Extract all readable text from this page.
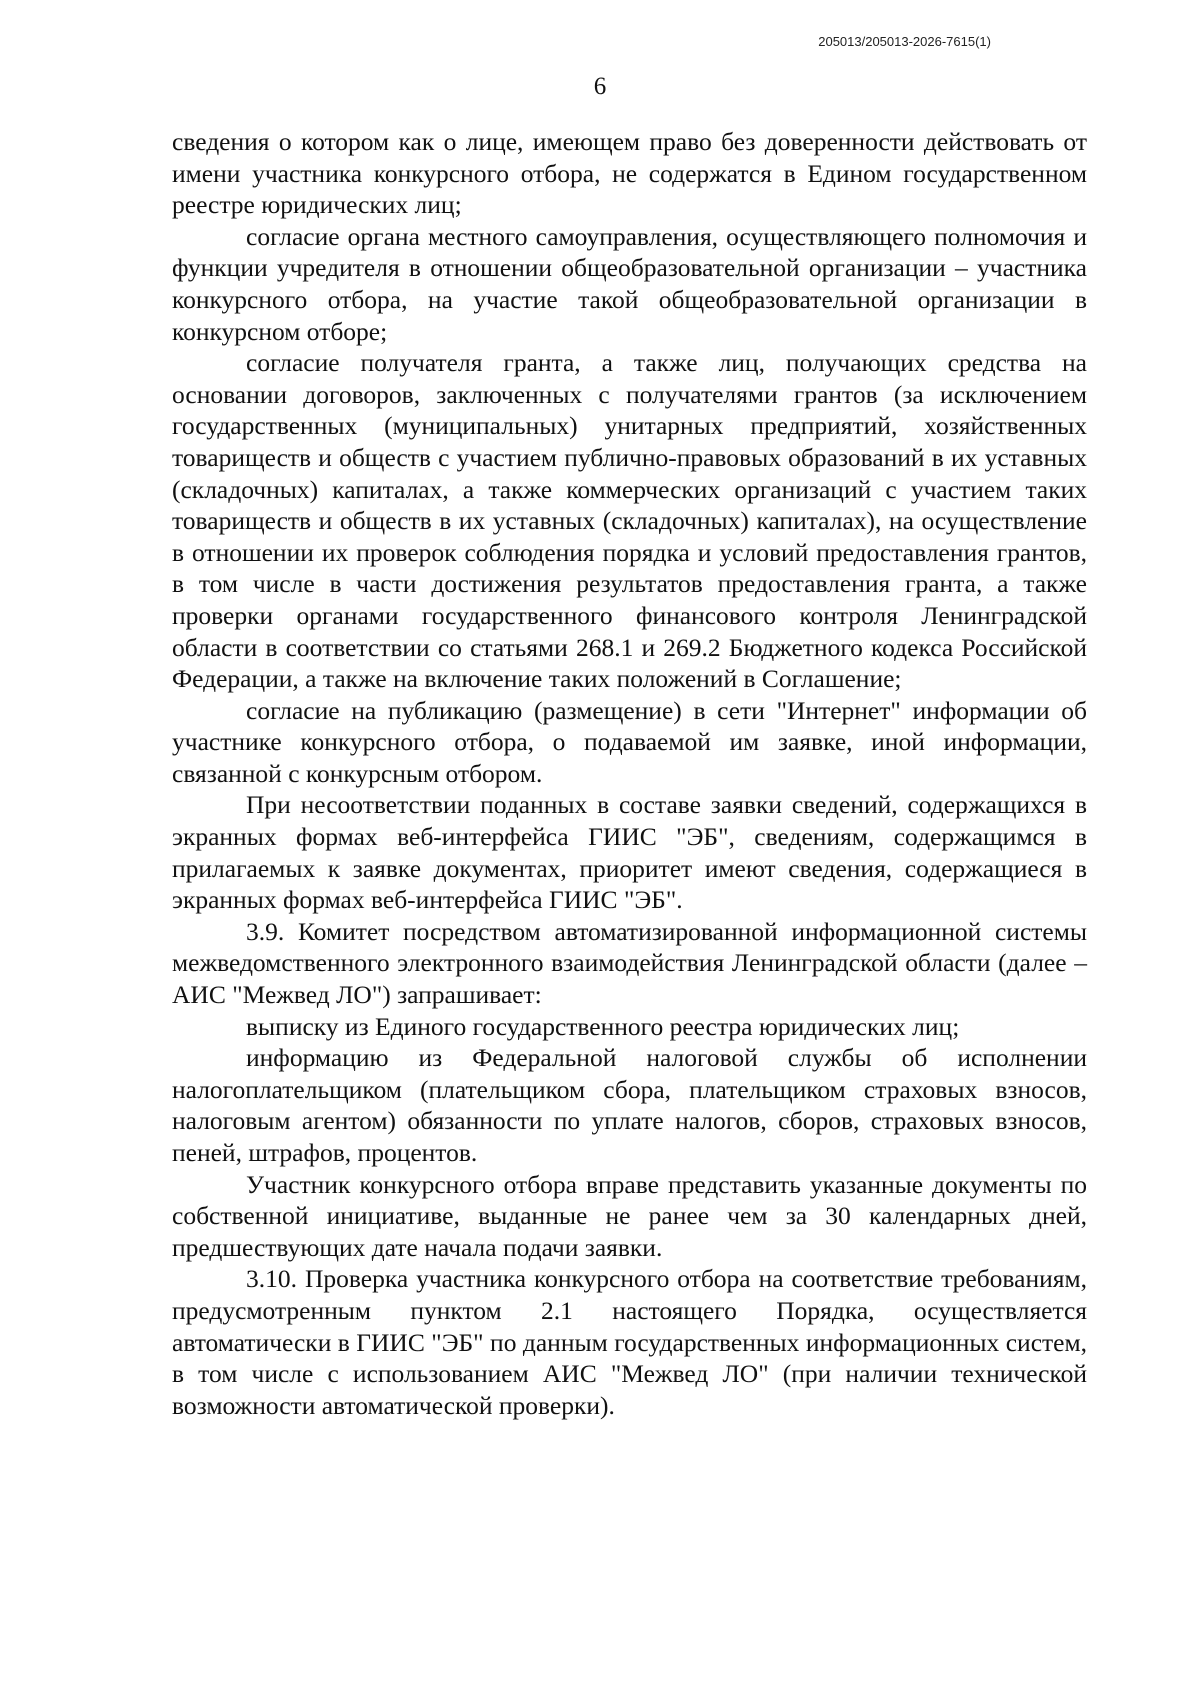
205013/205013-2026-7615(1)
6

сведения о котором как о лице, имеющем право без доверенности действовать от имени участника конкурсного отбора, не содержатся в Едином государственном реестре юридических лиц;

согласие органа местного самоуправления, осуществляющего полномочия и функции учредителя в отношении общеобразовательной организации – участника конкурсного отбора, на участие такой общеобразовательной организации в конкурсном отборе;

согласие получателя гранта, а также лиц, получающих средства на основании договоров, заключенных с получателями грантов (за исключением государственных (муниципальных) унитарных предприятий, хозяйственных товариществ и обществ с участием публично-правовых образований в их уставных (складочных) капиталах, а также коммерческих организаций с участием таких товариществ и обществ в их уставных (складочных) капиталах), на осуществление в отношении их проверок соблюдения порядка и условий предоставления грантов, в том числе в части достижения результатов предоставления гранта, а также проверки органами государственного финансового контроля Ленинградской области в соответствии со статьями 268.1 и 269.2 Бюджетного кодекса Российской Федерации, а также на включение таких положений в Соглашение;

согласие на публикацию (размещение) в сети "Интернет" информации об участнике конкурсного отбора, о подаваемой им заявке, иной информации, связанной с конкурсным отбором.

При несоответствии поданных в составе заявки сведений, содержащихся в экранных формах веб-интерфейса ГИИС "ЭБ", сведениям, содержащимся в прилагаемых к заявке документах, приоритет имеют сведения, содержащиеся в экранных формах веб-интерфейса ГИИС "ЭБ".

3.9. Комитет посредством автоматизированной информационной системы межведомственного электронного взаимодействия Ленинградской области (далее – АИС "Межвед ЛО") запрашивает:

выписку из Единого государственного реестра юридических лиц;

информацию из Федеральной налоговой службы об исполнении налогоплательщиком (плательщиком сбора, плательщиком страховых взносов, налоговым агентом) обязанности по уплате налогов, сборов, страховых взносов, пеней, штрафов, процентов.

Участник конкурсного отбора вправе представить указанные документы по собственной инициативе, выданные не ранее чем за 30 календарных дней, предшествующих дате начала подачи заявки.

3.10. Проверка участника конкурсного отбора на соответствие требованиям, предусмотренным пунктом 2.1 настоящего Порядка, осуществляется автоматически в ГИИС "ЭБ" по данным государственных информационных систем, в том числе с использованием АИС "Межвед ЛО" (при наличии технической возможности автоматической проверки).
